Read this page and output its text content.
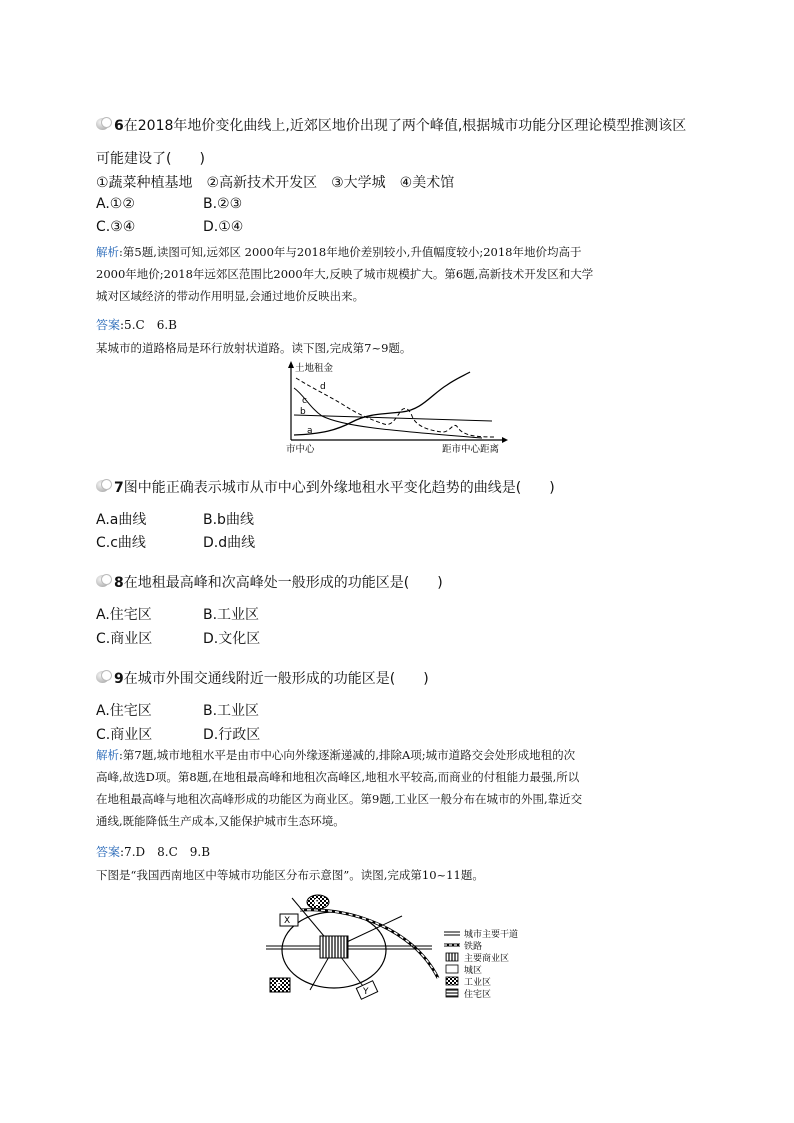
6在2018年地价变化曲线上,近郊区地价出现了两个峰值,根据城市功能分区理论模型推测该区
可能建设了(　　)
①蔬菜种植基地　②高新技术开发区　③大学城　④美术馆
A.①②	B.②③
C.③④	D.①④
解析:第5题,读图可知,远郊区 2000年与2018年地价差别较小,升值幅度较小;2018年地价均高于
2000年地价;2018年远郊区范围比2000年大,反映了城市规模扩大。第6题,高新技术开发区和大学
城对区域经济的带动作用明显,会通过地价反映出来。
答案:5.C　6.B
某城市的道路格局是环行放射状道路。读下图,完成第7~9题。
土地租金
市中心	距市中心距离
a
b
c
d
7图中能正确表示城市从市中心到外缘地租水平变化趋势的曲线是(　　)
A.a曲线	B.b曲线
C.c曲线	D.d曲线
8在地租最高峰和次高峰处一般形成的功能区是(　　)
A.住宅区	B.工业区
C.商业区	D.文化区
9在城市外围交通线附近一般形成的功能区是(　　)
A.住宅区	B.工业区
C.商业区	D.行政区
解析:第7题,城市地租水平是由市中心向外缘逐渐递减的,排除A项;城市道路交会处形成地租的次
高峰,故选D项。第8题,在地租最高峰和地租次高峰区,地租水平较高,而商业的付租能力最强,所以
在地租最高峰与地租次高峰形成的功能区为商业区。第9题,工业区一般分布在城市的外围,靠近交
通线,既能降低生产成本,又能保护城市生态环境。
答案:7.D　8.C　9.B
下图是“我国西南地区中等城市功能区分布示意图”。读图,完成第10~11题。
E
X
F
Y
城市主要干道
铁路
主要商业区
城区
工业区
住宅区
